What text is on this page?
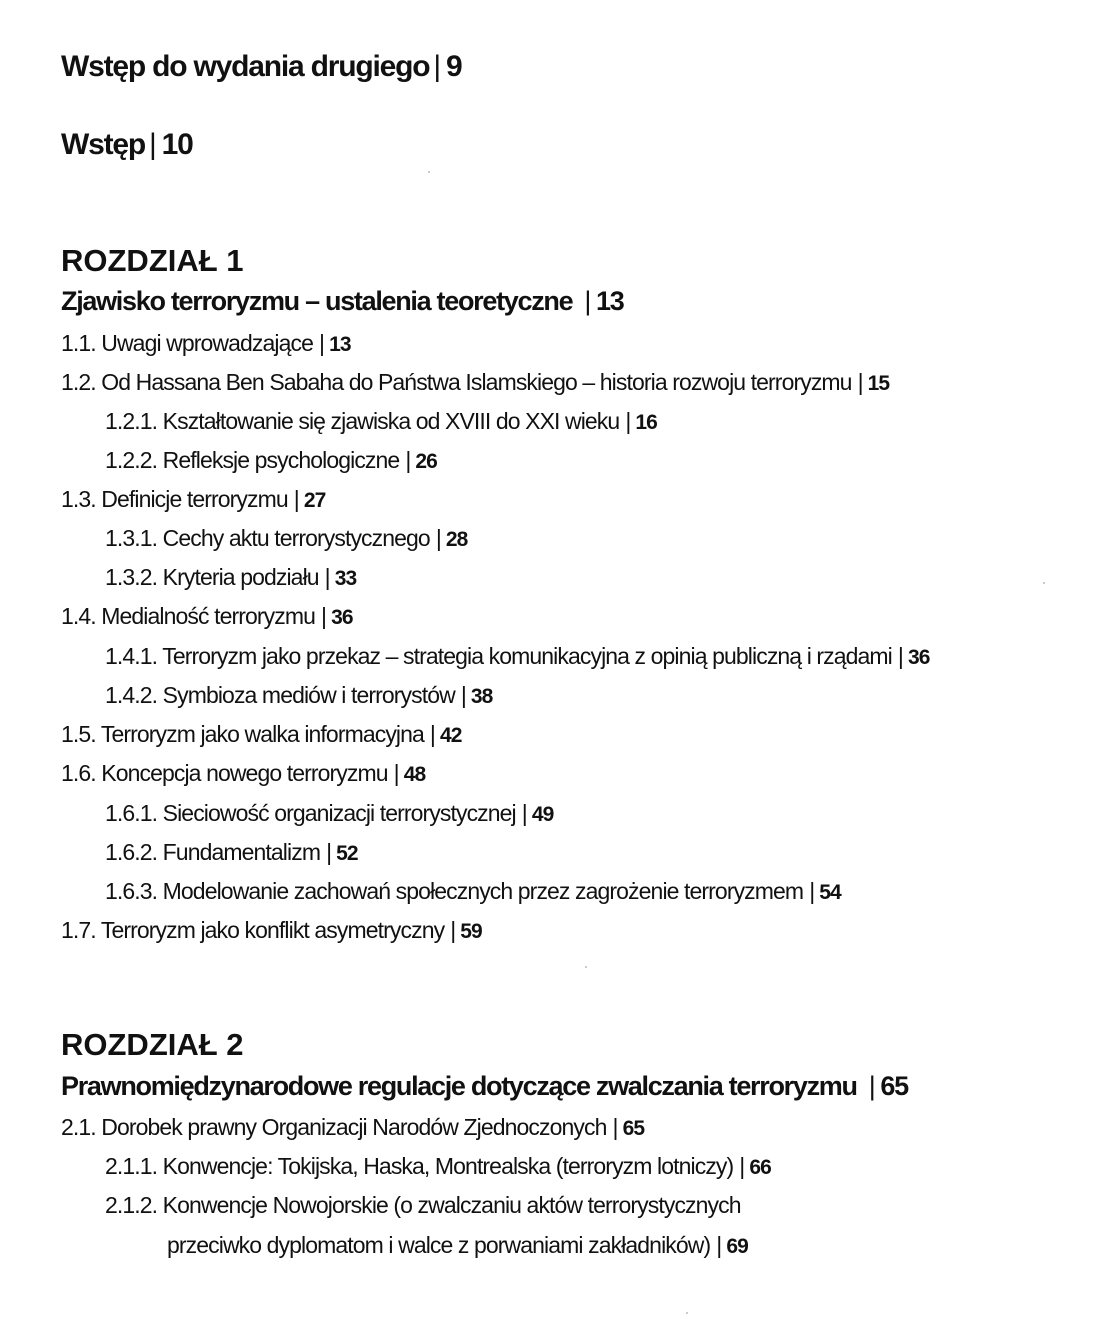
Wstęp do wydania drugiego | 9
Wstęp | 10
ROZDZIAŁ 1
Zjawisko terroryzmu – ustalenia teoretyczne | 13
1.1. Uwagi wprowadzające | 13
1.2. Od Hassana Ben Sabaha do Państwa Islamskiego – historia rozwoju terroryzmu | 15
1.2.1. Kształtowanie się zjawiska od XVIII do XXI wieku | 16
1.2.2. Refleksje psychologiczne | 26
1.3. Definicje terroryzmu | 27
1.3.1. Cechy aktu terrorystycznego | 28
1.3.2. Kryteria podziału | 33
1.4. Medialność terroryzmu | 36
1.4.1. Terroryzm jako przekaz – strategia komunikacyjna z opinią publiczną i rządami | 36
1.4.2. Symbioza mediów i terrorystów | 38
1.5. Terroryzm jako walka informacyjna | 42
1.6. Koncepcja nowego terroryzmu | 48
1.6.1. Sieciowość organizacji terrorystycznej | 49
1.6.2. Fundamentalizm | 52
1.6.3. Modelowanie zachowań społecznych przez zagrożenie terroryzmem | 54
1.7. Terroryzm jako konflikt asymetryczny | 59
ROZDZIAŁ 2
Prawnomiędzynarodowe regulacje dotyczące zwalczania terroryzmu | 65
2.1. Dorobek prawny Organizacji Narodów Zjednoczonych | 65
2.1.1. Konwencje: Tokijska, Haska, Montrealska (terroryzm lotniczy) | 66
2.1.2. Konwencje Nowojorskie (o zwalczaniu aktów terrorystycznych
przeciwko dyplomatom i walce z porwaniami zakładników) | 69
